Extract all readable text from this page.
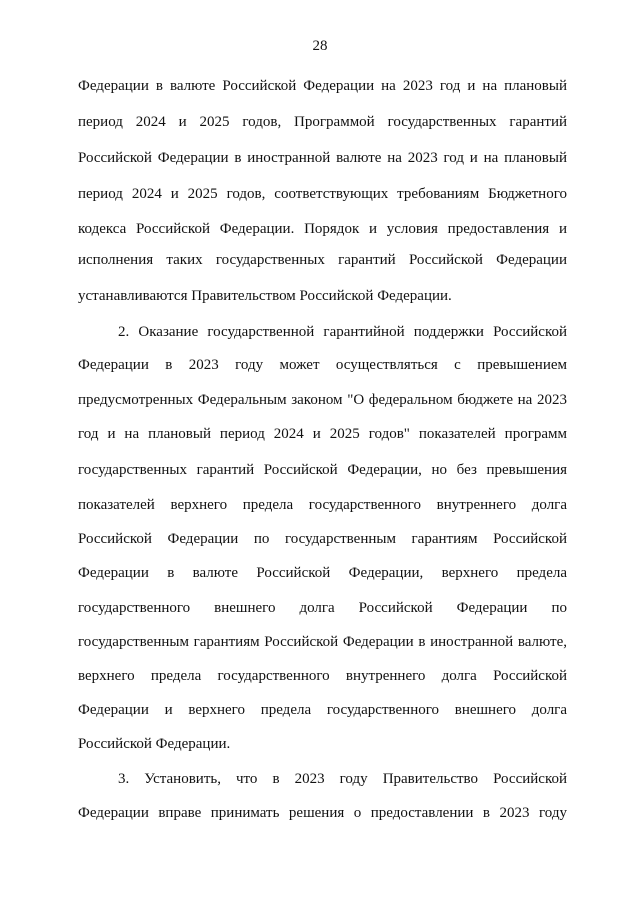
28
Федерации в валюте Российской Федерации на 2023 год и на плановый
период 2024 и 2025 годов, Программой государственных гарантий
Российской Федерации в иностранной валюте на 2023 год и на плановый
период 2024 и 2025 годов, соответствующих требованиям Бюджетного
кодекса Российской Федерации. Порядок и условия предоставления и
исполнения таких государственных гарантий Российской Федерации
устанавливаются Правительством Российской Федерации.
2. Оказание государственной гарантийной поддержки Российской
Федерации в 2023 году может осуществляться с превышением
предусмотренных Федеральным законом "О федеральном бюджете на 2023
год и на плановый период 2024 и 2025 годов" показателей программ
государственных гарантий Российской Федерации, но без превышения
показателей верхнего предела государственного внутреннего долга
Российской Федерации по государственным гарантиям Российской
Федерации в валюте Российской Федерации, верхнего предела
государственного внешнего долга Российской Федерации по
государственным гарантиям Российской Федерации в иностранной валюте,
верхнего предела государственного внутреннего долга Российской
Федерации и верхнего предела государственного внешнего долга
Российской Федерации.
3. Установить, что в 2023 году Правительство Российской
Федерации вправе принимать решения о предоставлении в 2023 году
